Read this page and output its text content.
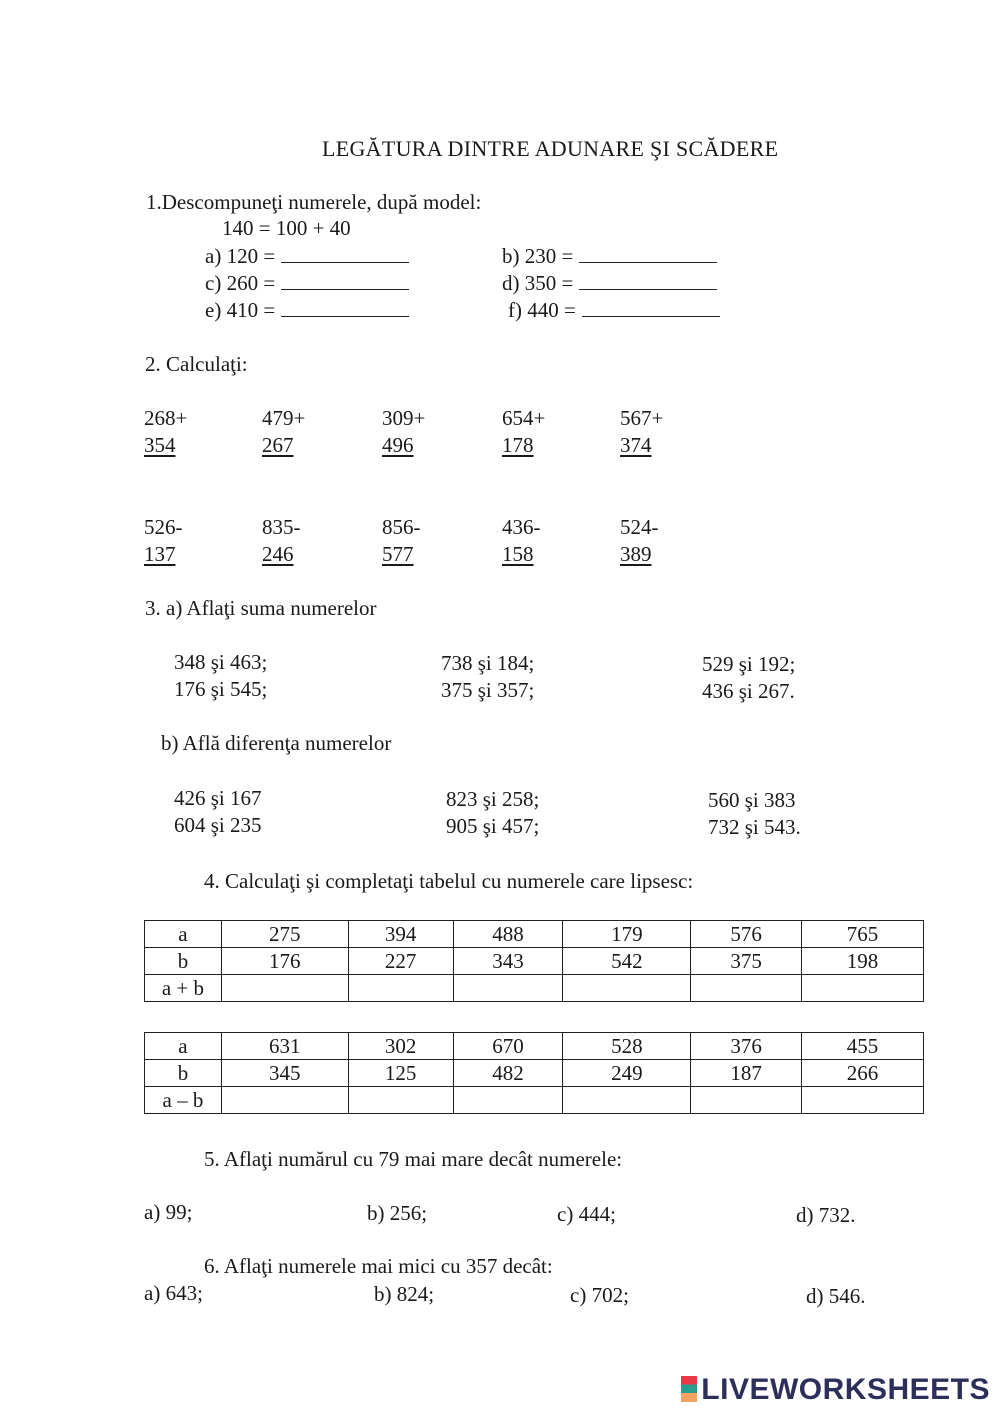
LEGĂTURA DINTRE ADUNARE ŞI SCĂDERE
1.Descompuneţi numerele, după model:
140 = 100 + 40
a) 120 =	b) 230 =
c) 260 =	d) 350 =
e) 410 =	f) 440 =
2. Calculaţi:
268+
354
479+
267
309+
496
654+
178
567+
374
526-
137
835-
246
856-
577
436-
158
524-
389
3. a) Aflaţi suma numerelor
348 şi 463;
176 şi 545;
738 şi 184;
375 şi 357;
529 şi 192;
436 şi 267.
b) Află diferenţa numerelor
426 şi 167
604 şi 235
823 şi 258;
905 şi 457;
560 şi 383
732 şi 543.
4. Calculaţi şi completaţi tabelul cu numerele care lipsesc:
a	275	394	488	179	576	765
b	176	227	343	542	375	198
a + b						
a	631	302	670	528	376	455
b	345	125	482	249	187	266
a – b						
5. Aflaţi numărul cu 79 mai mare decât numerele:
a) 99;	b) 256;	c) 444;	d) 732.
6. Aflaţi numerele mai mici cu 357 decât:
a) 643;	b) 824;	c) 702;	d) 546.
LIVEWORKSHEETS
